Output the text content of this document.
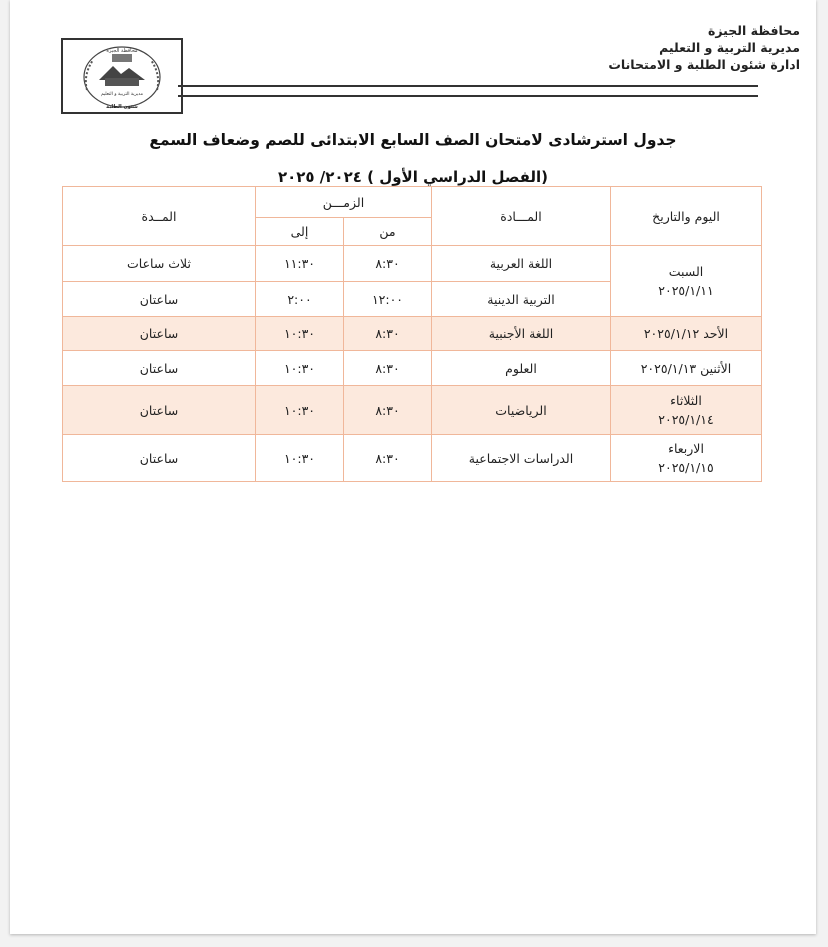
محافظة الجيزة
مديرية التربية و التعليم
ادارة شئون الطلبة و الامتحانات
محافظة الجيزة
مديرية التربية و التعليم
شئون الطلبة
جدول استرشادى لامتحان الصف السابع الابتدائى للصم وضعاف السمع
(الفصل الدراسي الأول ) ٢٠٢٤/ ٢٠٢٥
اليوم والتاريخ	المـــادة	الزمـــن		المــدة
		من	إلى	

السبت
٢٠٢٥/١/١١	اللغة العربية	٨:٣٠	١١:٣٠	ثلاث ساعات
	التربية الدينية	١٢:٠٠	٢:٠٠	ساعتان
الأحد ٢٠٢٥/١/١٢	اللغة الأجنبية	٨:٣٠	١٠:٣٠	ساعتان
الأثنين ٢٠٢٥/١/١٣	العلوم	٨:٣٠	١٠:٣٠	ساعتان

الثلاثاء
٢٠٢٥/١/١٤	الرياضيات	٨:٣٠	١٠:٣٠	ساعتان

الاربعاء
٢٠٢٥/١/١٥	الدراسات الاجتماعية	٨:٣٠	١٠:٣٠	ساعتان
